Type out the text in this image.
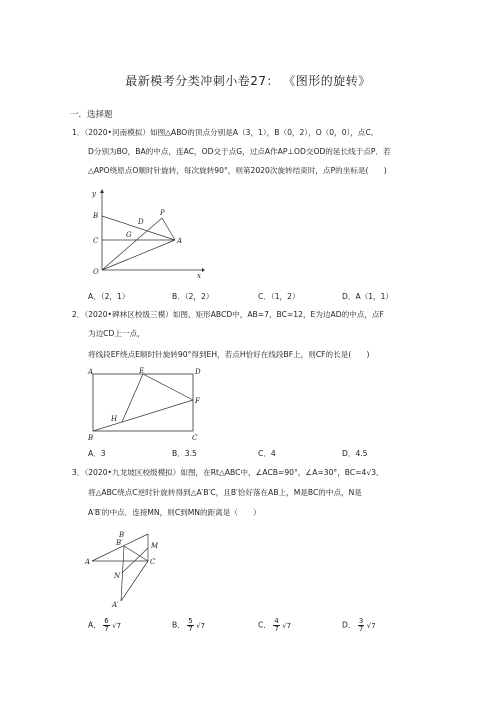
最新模考分类冲刺小卷27： 《图形的旋转》
一．选择题
1．（2020•河南模拟）如图△ABO的顶点分别是A（3，1），B（0，2），O（0，0），点C,
D分别为BO，BA的中点，连AC，OD交于点G，过点A作AP⊥OD交OD的延长线于点P．若
△APO绕原点O顺时针旋转，每次旋转90°，则第2020次旋转结束时，点P的坐标是(　　)
y
x
B
C
O
D
P
G
A
A．（2，1）	B．（2，2）	C．（1，2）	D．A（1，1）
2．（2020•碑林区校级三模）如图，矩形ABCD中，AB=7，BC=12，E为边AD的中点，点F
为边CD上一点，
将线段EF绕点E顺时针旋转90°得到EH，若点H恰好在线段BF上，则CF的长是(　　)
A	E	D
F
H
B	C
A．3	B．3.5	C．4	D．4.5
3．（2020•九龙坡区校级模拟）如图，在Rt△ABC中，∠ACB=90°，∠A=30°，BC=4√3,
将△ABC绕点C逆时针旋转得到△A′B′C，且B′恰好落在AB上，M是BC的中点，N是
A′B′的中点．连接MN，则C到MN的距离是（　　）
B
B′	M
A	C
N
A′
A． $\frac{6}{7} √7$	B． $\frac{5}{7} √7$	C． $\frac{4}{7} √7$	D． $\frac{3}{7} √7$
